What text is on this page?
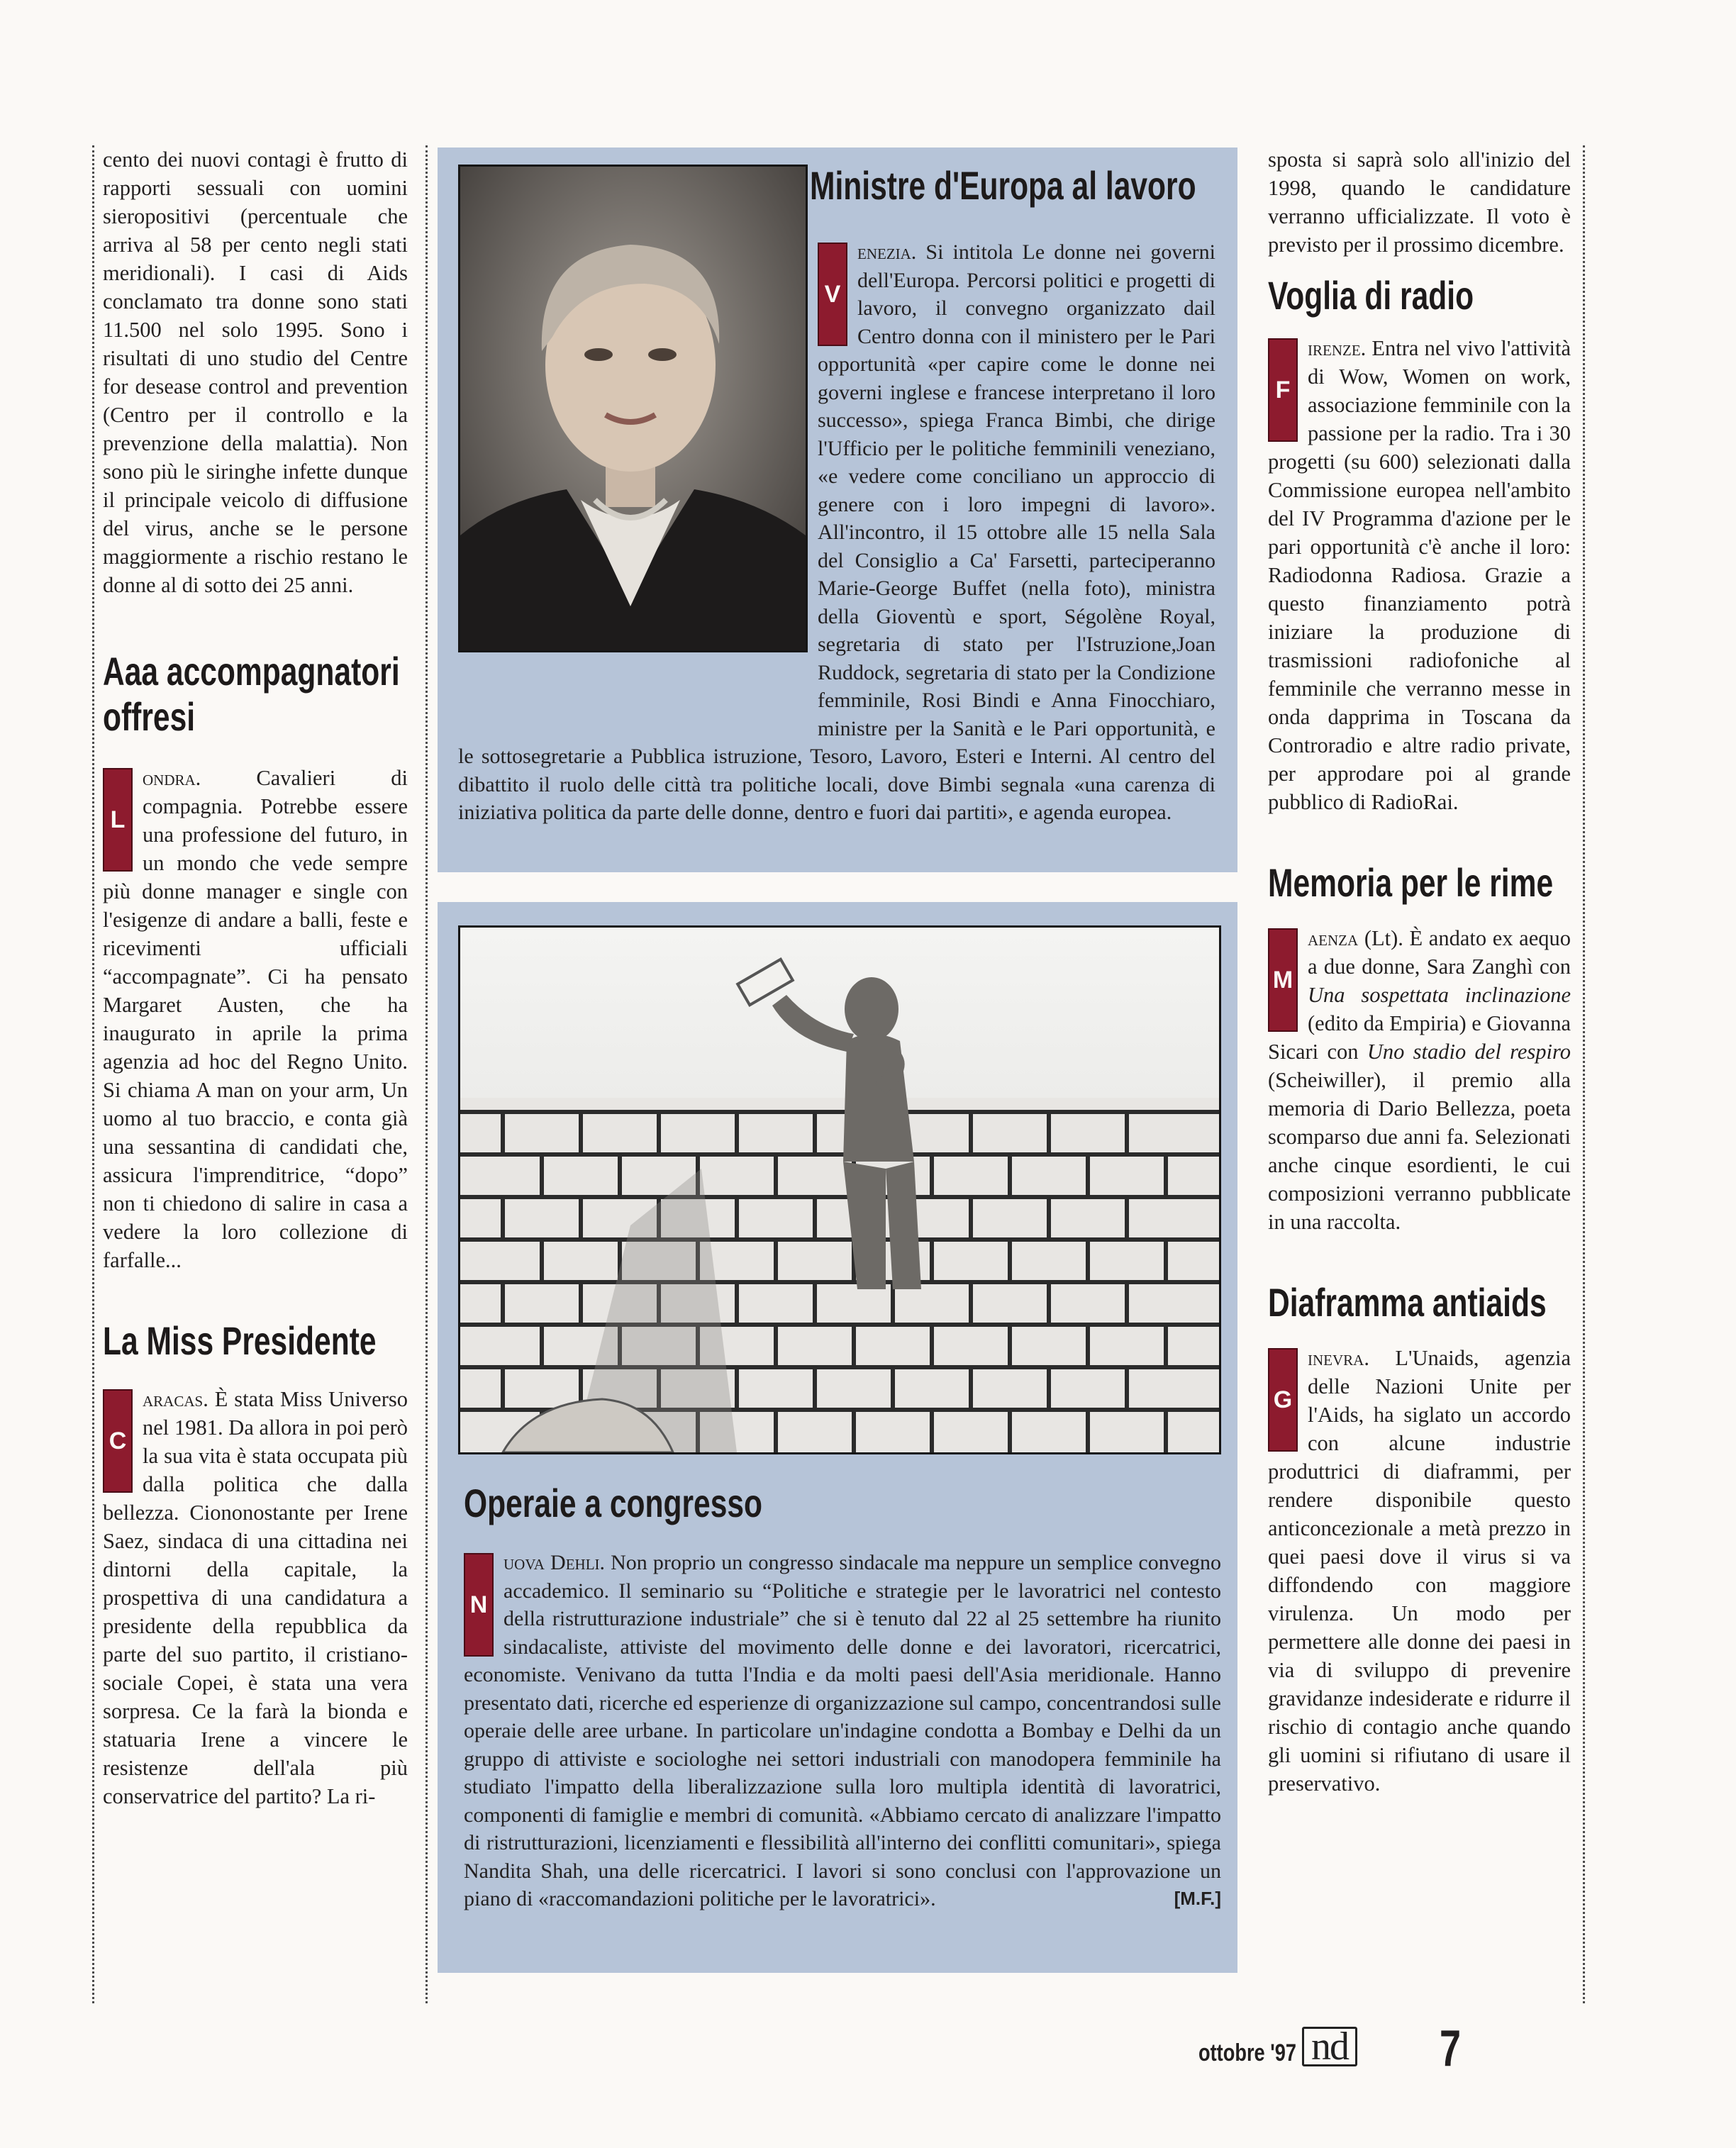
cento dei nuovi contagi è frutto di rapporti sessuali con uomini sieropositivi (percentuale che arriva al 58 per cento negli stati meridionali). I casi di Aids conclamato tra donne sono stati 11.500 nel solo 1995. Sono i risultati di uno studio del Centre for desease control and prevention (Centro per il controllo e la prevenzione della malattia). Non sono più le siringhe infette dunque il principale veicolo di diffusione del virus, anche se le persone maggiormente a rischio restano le donne al di sotto dei 25 anni.

Aaa accompagnatori offresi

L
ondra.	Cavalieri di compagnia. Potrebbe essere una professione del futuro, in un mondo che vede sempre più donne manager e single con l'esigenze di andare a balli, feste e ricevimenti ufficiali “accompagnate”. Ci ha pensato Margaret Austen, che ha inaugurato in aprile la prima agenzia ad hoc del Regno Unito. Si chiama A man on your arm, Un uomo al tuo braccio, e conta già una sessantina di candidati che, assicura l'imprenditrice, “dopo” non ti chiedono di salire in casa a vedere la loro collezione di farfalle...

La Miss Presidente

C
aracas. È stata Miss Universo nel 1981. Da allora in poi però la sua vita è stata occupata più dalla politica che dalla bellezza. Ciononostante per Irene Saez, sindaca di una cittadina nei dintorni della capitale, la prospettiva di una candidatura a presidente della repubblica da parte del suo partito, il cristiano-sociale Copei, è stata una vera sorpresa. Ce la farà la bionda e statuaria Irene a vincere le resistenze dell'ala più conservatrice del partito? La ri-

Ministre d'Europa al lavoro

V
enezia. Si intitola Le donne nei governi dell'Europa. Percorsi politici e progetti di lavoro, il convegno organizzato dail Centro donna con il ministero per le Pari opportunità «per capire come le donne nei governi inglese e francese interpretano il loro successo», spiega Franca Bimbi, che dirige l'Ufficio per le politiche femminili veneziano, «e vedere come conciliano un approccio di genere con i loro impegni di lavoro». All'incontro, il 15 ottobre alle 15 nella Sala del Consiglio a Ca' Farsetti, parteciperanno Marie-George Buffet (nella foto), ministra della Gioventù e sport, Ségolène Royal, segretaria di stato per l'Istruzione,Joan Ruddock, segretaria di stato per la Condizione femminile, Rosi Bindi e Anna Finocchiaro, ministre per la Sanità e le Pari opportunità, e le sottosegretarie a Pubblica istruzione, Tesoro, Lavoro, Esteri e Interni. Al centro del dibattito il ruolo delle città tra politiche locali, dove Bimbi segnala «una carenza di iniziativa politica da parte delle donne, dentro e fuori dai partiti», e agenda europea.

Operaie a congresso

N
uova Dehli. Non proprio un congresso sindacale ma neppure un semplice convegno accademico. Il seminario su “Politiche e strategie per le lavoratrici nel contesto della ristrutturazione industriale” che si è tenuto dal 22 al 25 settembre ha riunito sindacaliste, attiviste del movimento delle donne e dei lavoratori, ricercatrici, economiste. Venivano da tutta l'India e da molti paesi dell'Asia meridionale. Hanno presentato dati, ricerche ed esperienze di organizzazione sul campo, concentrandosi sulle operaie delle aree urbane. In particolare un'indagine condotta a Bombay e Delhi da un gruppo di attiviste e sociologhe nei settori industriali con manodopera femminile ha studiato l'impatto della liberalizzazione sulla loro multipla identità di lavoratrici, componenti di famiglie e membri di comunità. «Abbiamo cercato di analizzare l'impatto di ristrutturazioni, licenziamenti e flessibilità all'interno dei conflitti comunitari», spiega Nandita Shah, una delle ricercatrici. I lavori si sono conclusi con l'approvazione un piano di «raccomandazioni politiche per le lavoratrici».	[M.F.]

sposta si saprà solo all'inizio del 1998, quando le candidature verranno ufficializzate. Il voto è previsto per il prossimo dicembre.

Voglia di radio

F
irenze. Entra nel vivo l'attività di Wow, Women on work, associazione femminile con la passione per la radio. Tra i 30 progetti (su 600) selezionati dalla Commissione europea nell'ambito del IV Programma d'azione per le pari opportunità c'è anche il loro: Radiodonna Radiosa. Grazie a questo finanziamento potrà iniziare la produzione di trasmissioni radiofoniche al femminile che verranno messe in onda dapprima in Toscana da Controradio e altre radio private, per approdare poi al grande pubblico di RadioRai.

Memoria per le rime

M
aenza (Lt). È andato ex aequo a due donne, Sara Zanghì con Una sospettata inclinazione (edito da Empiria) e Giovanna Sicari con Uno stadio del respiro (Scheiwiller), il premio alla memoria di Dario Bellezza, poeta scomparso due anni fa. Selezionati anche cinque esordienti, le cui composizioni verranno pubblicate in una raccolta.

Diaframma antiaids

G
inevra. L'Unaids, agenzia delle Nazioni Unite per l'Aids, ha siglato un accordo con alcune industrie produttrici di diaframmi, per rendere disponibile questo anticoncezionale a metà prezzo in quei paesi dove il virus si va diffondendo con maggiore virulenza. Un modo per permettere alle donne dei paesi in via di sviluppo di prevenire gravidanze indesiderate e ridurre il rischio di contagio anche quando gli uomini si rifiutano di usare il preservativo.

ottobre '97 nd 7
